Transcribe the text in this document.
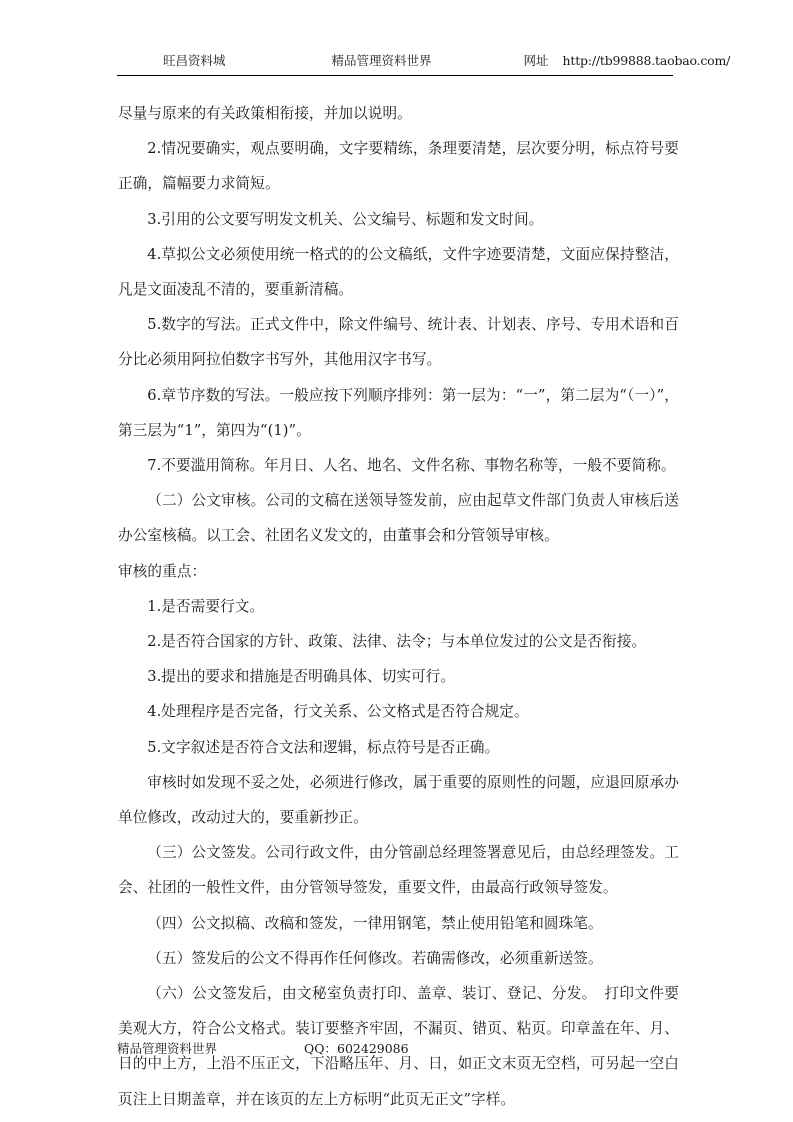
旺昌资料城	精品管理资料世界	网址 http://tb99888.taobao.com/

尽量与原来的有关政策相衔接，并加以说明。

2.情况要确实，观点要明确，文字要精练，条理要清楚，层次要分明，标点符号要正确，篇幅要力求简短。

3.引用的公文要写明发文机关、公文编号、标题和发文时间。

4.草拟公文必须使用统一格式的的公文稿纸，文件字迹要清楚，文面应保持整洁，凡是文面凌乱不清的，要重新清稿。

5.数字的写法。正式文件中，除文件编号、统计表、计划表、序号、专用术语和百分比必须用阿拉伯数字书写外，其他用汉字书写。

6.章节序数的写法。一般应按下列顺序排列：第一层为：“一”，第二层为“（一）”，第三层为“1”，第四为“(1)”。

7.不要滥用简称。年月日、人名、地名、文件名称、事物名称等，一般不要简称。

（二）公文审核。公司的文稿在送领导签发前，应由起草文件部门负责人审核后送办公室核稿。以工会、社团名义发文的，由董事会和分管领导审核。

审核的重点：

1.是否需要行文。

2.是否符合国家的方针、政策、法律、法令；与本单位发过的公文是否衔接。

3.提出的要求和措施是否明确具体、切实可行。

4.处理程序是否完备，行文关系、公文格式是否符合规定。

5.文字叙述是否符合文法和逻辑，标点符号是否正确。

审核时如发现不妥之处，必须进行修改，属于重要的原则性的问题，应退回原承办单位修改，改动过大的，要重新抄正。

（三）公文签发。公司行政文件，由分管副总经理签署意见后，由总经理签发。工会、社团的一般性文件，由分管领导签发，重要文件，由最高行政领导签发。

（四）公文拟稿、改稿和签发，一律用钢笔，禁止使用铅笔和圆珠笔。

（五）签发后的公文不得再作任何修改。若确需修改，必须重新送签。

（六）公文签发后，由文秘室负责打印、盖章、装订、登记、分发。　打印文件要美观大方，符合公文格式。装订要整齐牢固，不漏页、错页、粘页。印章盖在年、月、日的中上方，上沿不压正文，下沿略压年、月、日，如正文末页无空档，可另起一空白页注上日期盖章，并在该页的左上方标明“此页无正文”字样。

精品管理资料世界	QQ：602429086
